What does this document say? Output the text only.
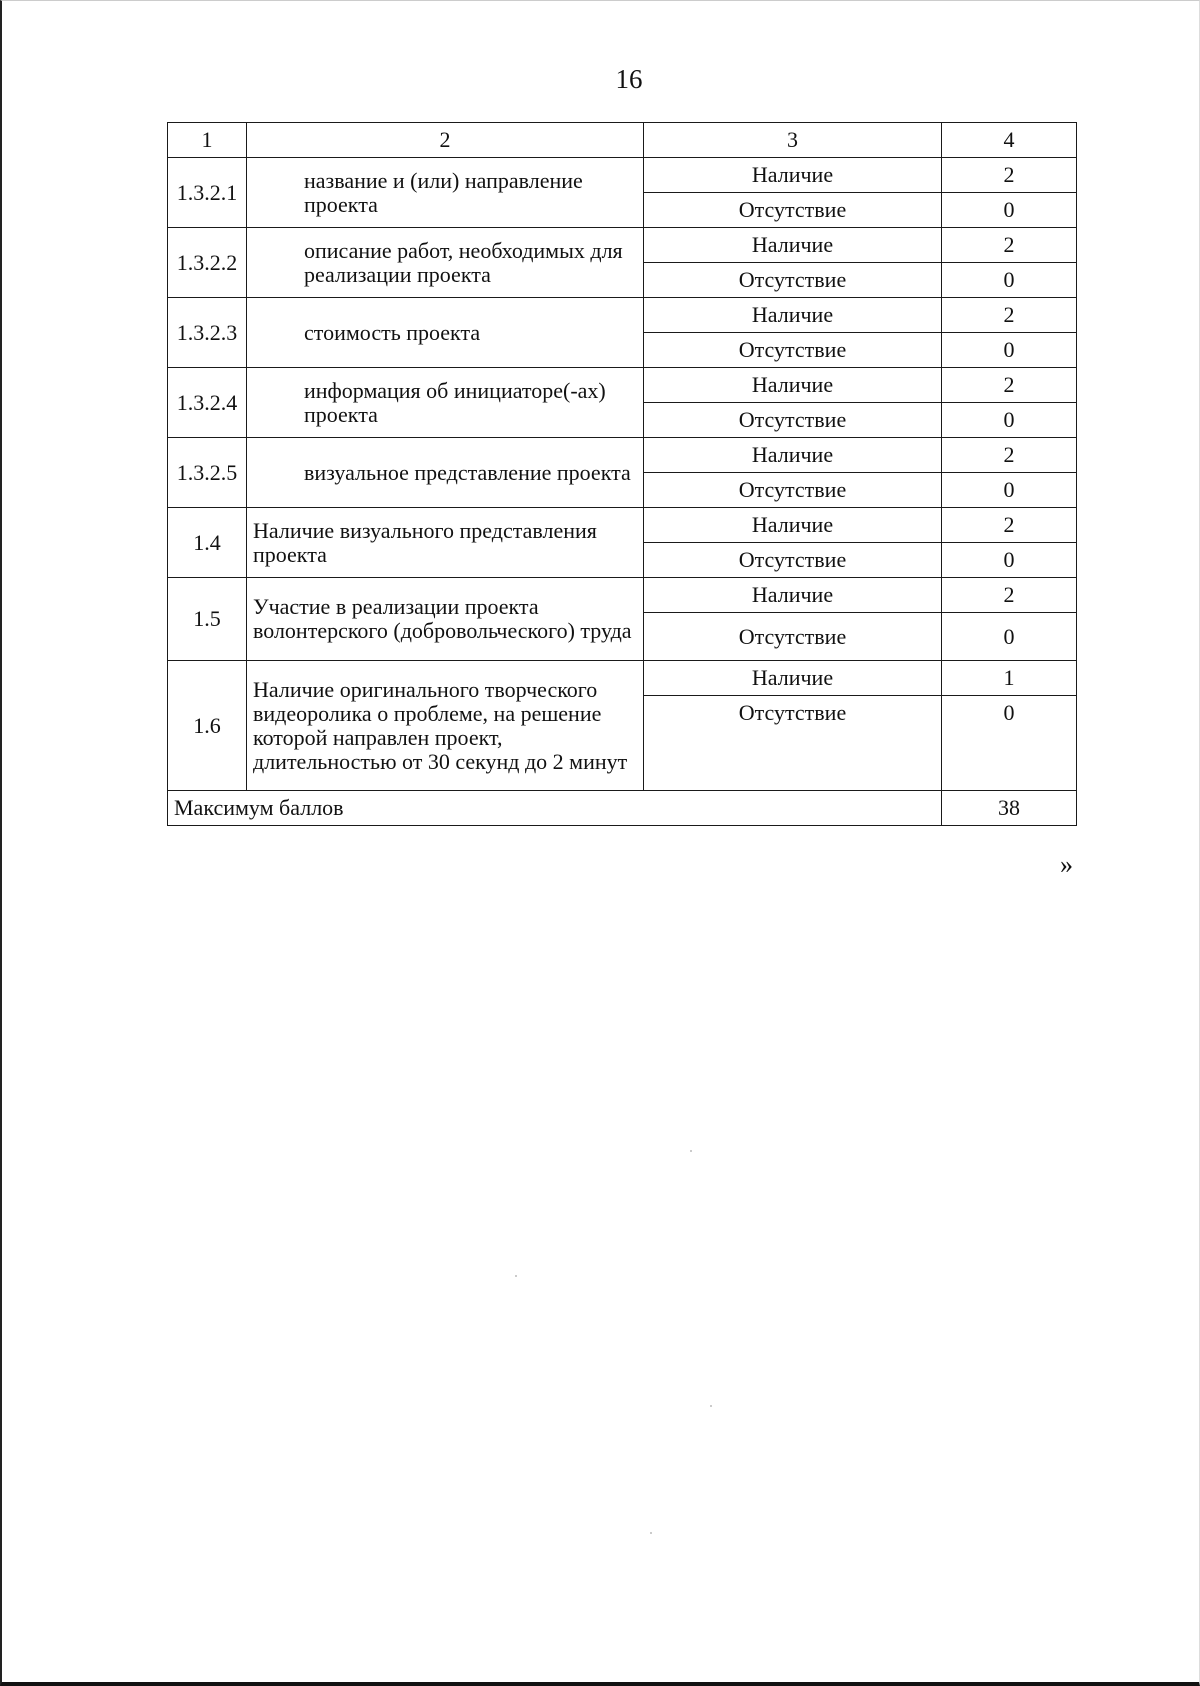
16
1	2	3	4
1.3.2.1	название и (или) направление проекта	Наличие	2
		Отсутствие	0
1.3.2.2	описание работ, необходимых для реализации проекта	Наличие	2
		Отсутствие	0
1.3.2.3	стоимость проекта	Наличие	2
		Отсутствие	0
1.3.2.4	информация об инициаторе(-ах) проекта	Наличие	2
		Отсутствие	0
1.3.2.5	визуальное представление проекта	Наличие	2
		Отсутствие	0
1.4	Наличие визуального представления проекта	Наличие	2
		Отсутствие	0
1.5	Участие в реализации проекта волонтерского (добровольческого) труда	Наличие	2
		Отсутствие	0
1.6	Наличие оригинального творческого видеоролика о проблеме, на решение которой направлен проект, длительностью от 30 секунд до 2 минут	Наличие	1
		Отсутствие	0
Максимум баллов			38
»
